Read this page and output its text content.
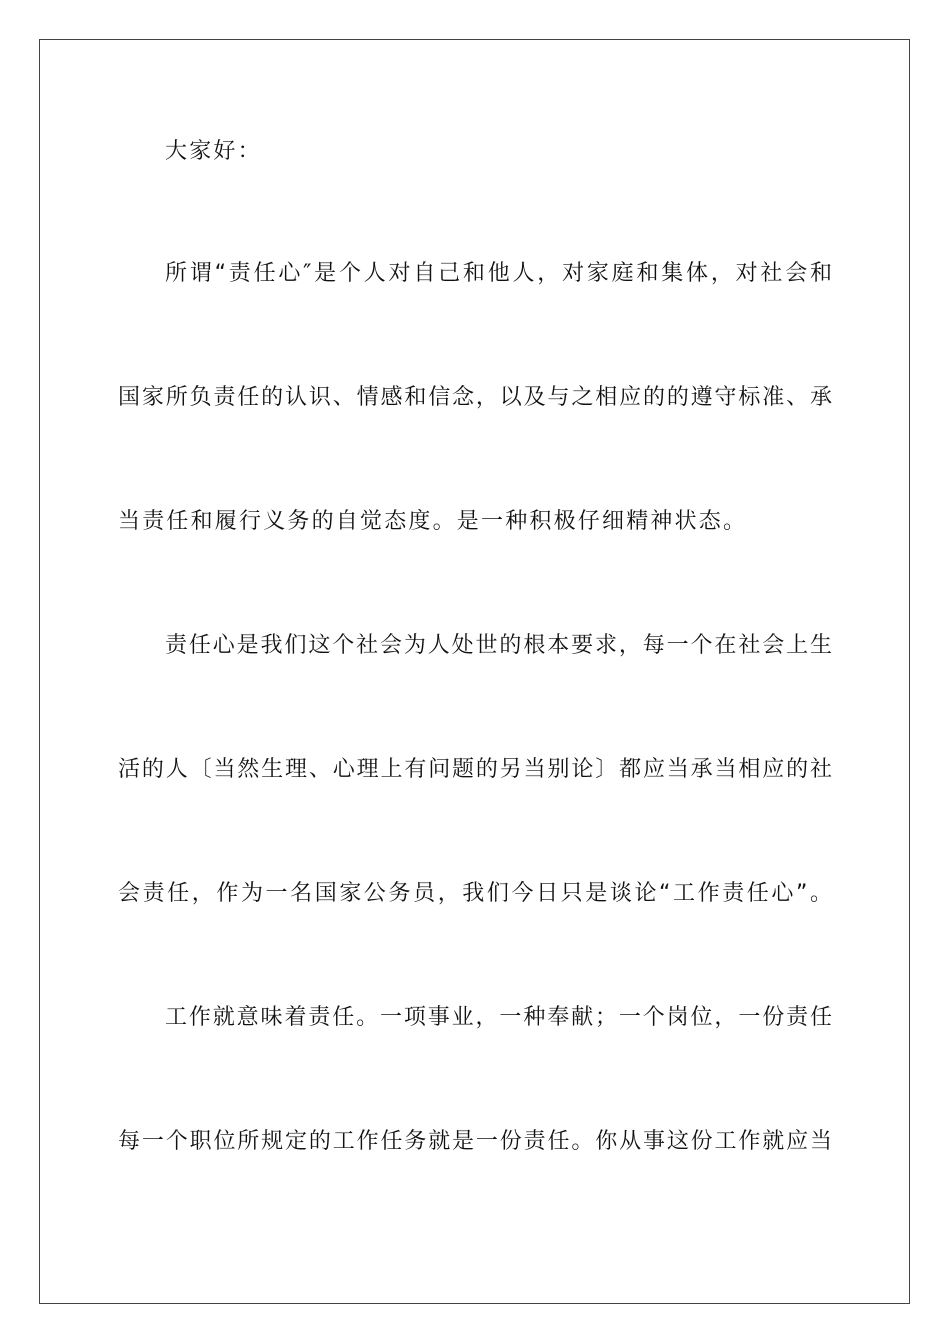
大家好：
所谓“责任心″是个人对自己和他人，对家庭和集体，对社会和
国家所负责任的认识、情感和信念，以及与之相应的的遵守标准、承
当责任和履行义务的自觉态度。是一种积极仔细精神状态。
责任心是我们这个社会为人处世的根本要求，每一个在社会上生
活的人〔当然生理、心理上有问题的另当别论〕都应当承当相应的社
会责任，作为一名国家公务员，我们今日只是谈论“工作责任心”。
工作就意味着责任。一项事业，一种奉献；一个岗位，一份责任
每一个职位所规定的工作任务就是一份责任。你从事这份工作就应当
